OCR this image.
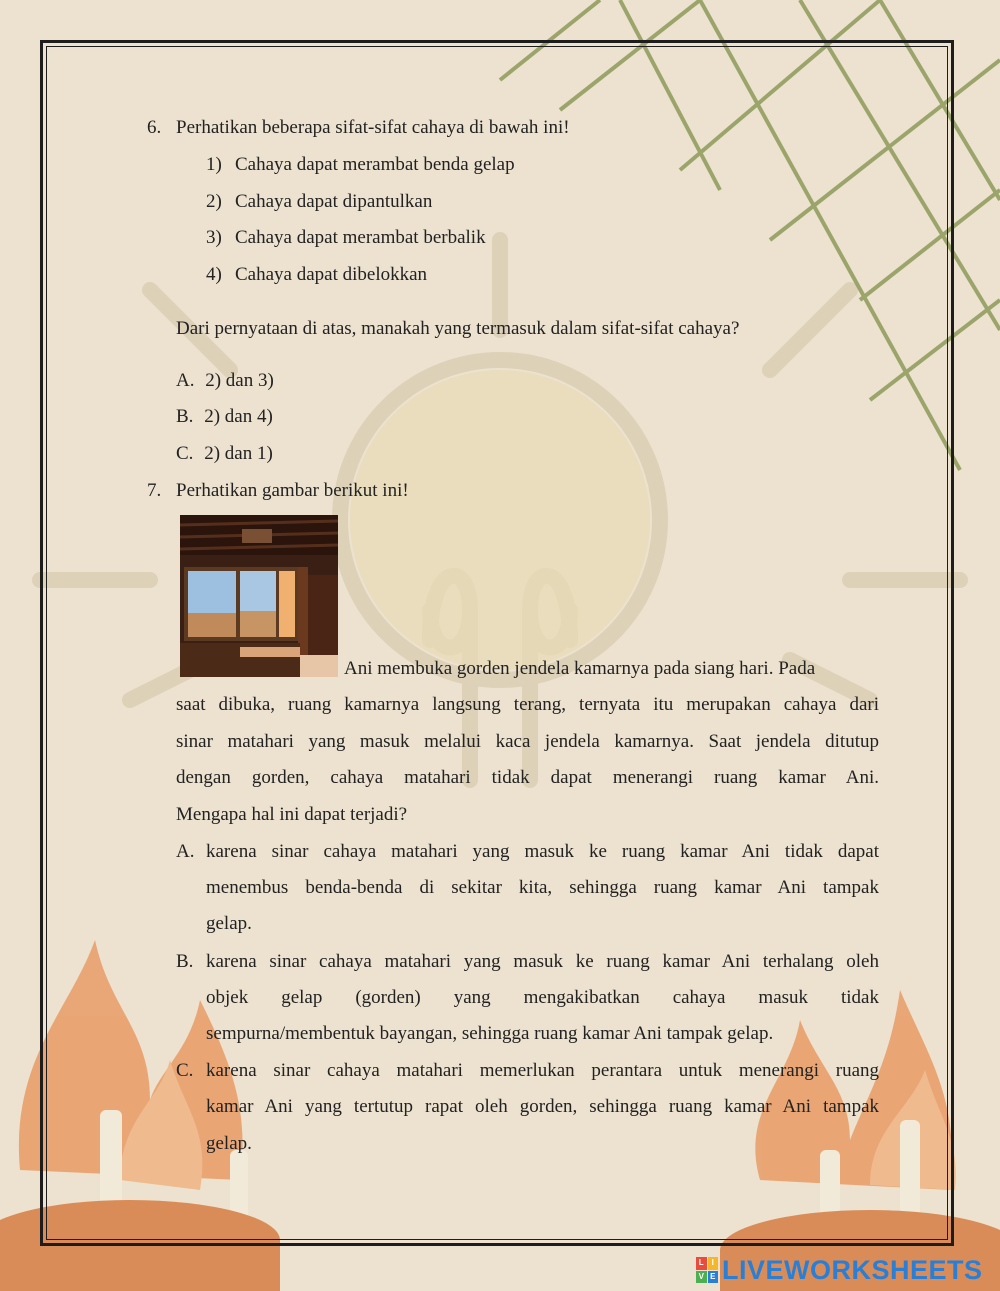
6. Perhatikan beberapa sifat-sifat cahaya di bawah ini!
1) Cahaya dapat merambat benda gelap
2) Cahaya dapat dipantulkan
3) Cahaya dapat merambat berbalik
4) Cahaya dapat dibelokkan
Dari pernyataan di atas, manakah yang termasuk dalam sifat-sifat cahaya?
A. 2) dan 3)
B. 2) dan 4)
C. 2) dan 1)
7. Perhatikan gambar berikut ini!
Ani membuka gorden jendela kamarnya pada siang hari. Pada
saat dibuka, ruang kamarnya langsung terang, ternyata itu merupakan cahaya dari
sinar matahari yang masuk melalui kaca jendela kamarnya. Saat jendela ditutup
dengan gorden, cahaya matahari tidak dapat menerangi ruang kamar Ani.
Mengapa hal ini dapat terjadi?
A. karena sinar cahaya matahari yang masuk ke ruang kamar Ani tidak dapat
menembus benda-benda di sekitar kita, sehingga ruang kamar Ani tampak
gelap.
B. karena sinar cahaya matahari yang masuk ke ruang kamar Ani terhalang oleh
objek gelap (gorden) yang mengakibatkan cahaya masuk tidak
sempurna/membentuk bayangan, sehingga ruang kamar Ani tampak gelap.
C. karena sinar cahaya matahari memerlukan perantara untuk menerangi ruang
kamar Ani yang tertutup rapat oleh gorden, sehingga ruang kamar Ani tampak
gelap.
L I
V E LIVEWORKSHEETS
